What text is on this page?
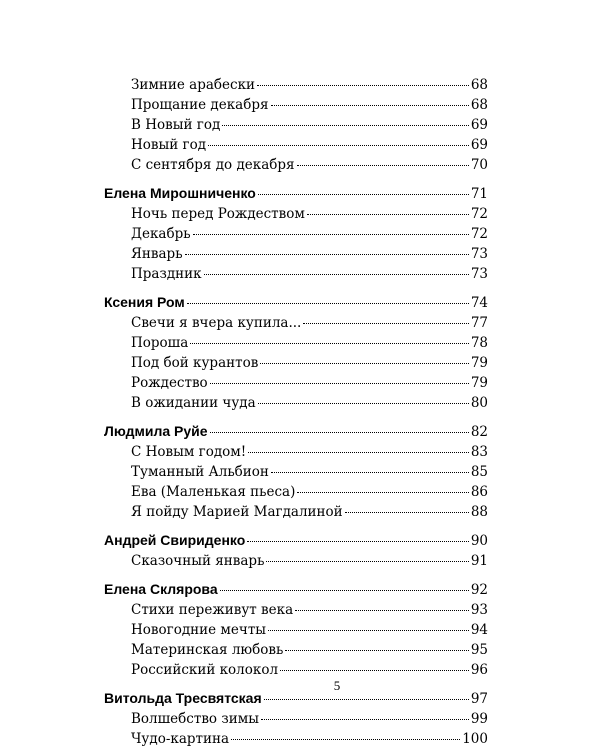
Зимние арабески	68
Прощание декабря	68
В Новый год	69
Новый год	69
С сентября до декабря	70
Елена Мирошниченко	71
Ночь перед Рождеством	72
Декабрь	72
Январь	73
Праздник	73
Ксения Ром	74
Свечи я вчера купила...	77
Пороша	78
Под бой курантов	79
Рождество	79
В ожидании чуда	80
Людмила Руйе	82
С Новым годом!	83
Туманный Альбион	85
Ева (Маленькая пьеса)	86
Я пойду Марией Магдалиной	88
Андрей Свириденко	90
Сказочный январь	91
Елена Склярова	92
Стихи переживут века	93
Новогодние мечты	94
Материнская любовь	95
Российский колокол	96
Витольда Тресвятская	97
Волшебство зимы	99
Чудо-картина	100
5
